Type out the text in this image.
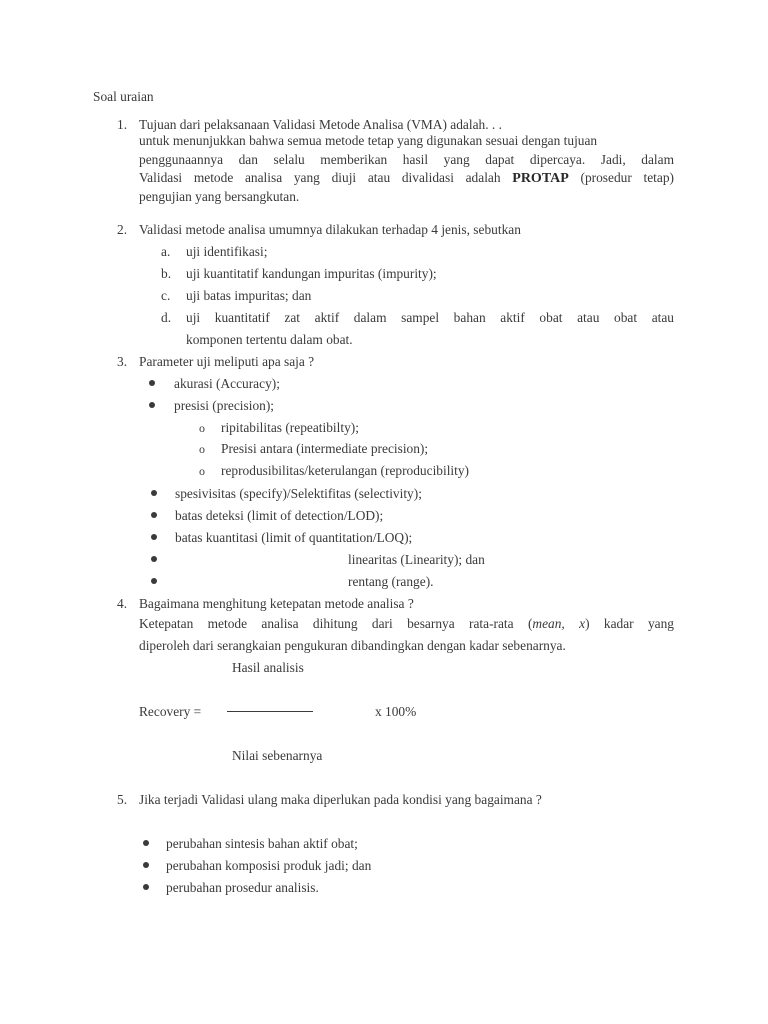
Soal uraian
1. Tujuan dari pelaksanaan Validasi Metode Analisa (VMA) adalah. . .
untuk menunjukkan bahwa semua metode tetap yang digunakan sesuai dengan tujuan
penggunaannya dan selalu memberikan hasil yang dapat dipercaya. Jadi, dalam
Validasi metode analisa yang diuji atau divalidasi adalah PROTAP (prosedur tetap)
pengujian yang bersangkutan.
2. Validasi metode analisa umumnya dilakukan terhadap 4 jenis, sebutkan
a. uji identifikasi;
b. uji kuantitatif kandungan impuritas (impurity);
c. uji batas impuritas; dan
d. uji kuantitatif zat aktif dalam sampel bahan aktif obat atau obat atau
komponen tertentu dalam obat.
3. Parameter uji meliputi apa saja ?
akurasi (Accuracy);
presisi (precision);
o ripitabilitas (repeatibilty);
o Presisi antara (intermediate precision);
o reprodusibilitas/keterulangan (reproducibility)
spesivisitas (specify)/Selektifitas (selectivity);
batas deteksi (limit of detection/LOD);
batas kuantitasi (limit of quantitation/LOQ);
linearitas (Linearity); dan
rentang (range).
4. Bagaimana menghitung ketepatan metode analisa ?
Ketepatan metode analisa dihitung dari besarnya rata-rata (mean, x) kadar yang
diperoleh dari serangkaian pengukuran dibandingkan dengan kadar sebenarnya.
Hasil analisis
Recovery =	x 100%
Nilai sebenarnya
5. Jika terjadi Validasi ulang maka diperlukan pada kondisi yang bagaimana ?
perubahan sintesis bahan aktif obat;
perubahan komposisi produk jadi; dan
perubahan prosedur analisis.
